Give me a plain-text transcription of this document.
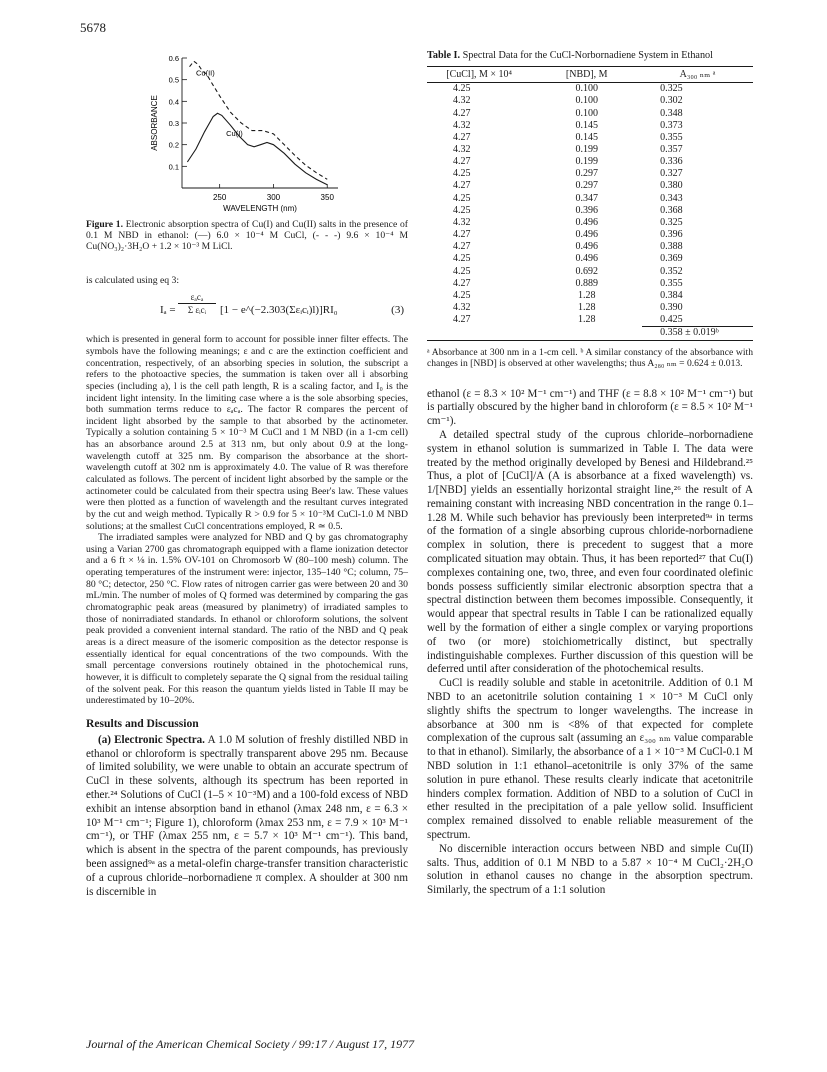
5678
ABSORBANCE
WAVELENGTH (nm)
0.1
0.2
0.3
0.4
0.5
0.6
250	300	350
Cu(II)
Cu(I)
Figure 1. Electronic absorption spectra of Cu(I) and Cu(II) salts in the presence of 0.1 M NBD in ethanol: (—) 6.0 × 10⁻⁴ M CuCl, (- - -) 9.6 × 10⁻⁴ M Cu(NO₃)₂·3H₂O + 1.2 × 10⁻³ M LiCl.
is calculated using eq 3:
Iₐ =
εₐcₐ
Σ εᵢcᵢ	[1 − e^(−2.303(Σεᵢcᵢ)l)]RI₀	(3)

which is presented in general form to account for possible inner filter effects. The symbols have the following meanings; ε and c are the extinction coefficient and concentration, respectively, of an absorbing species in solution, the subscript a refers to the photoactive species, the summation is taken over all i absorbing species (including a), l is the cell path length, R is a scaling factor, and I₀ is the incident light intensity. In the limiting case where a is the sole absorbing species, both summation terms reduce to εₐcₐ. The factor R compares the percent of incident light absorbed by the sample to that absorbed by the actinometer. Typically a solution containing 5 × 10⁻³ M CuCl and 1 M NBD (in a 1-cm cell) has an absorbance around 2.5 at 313 nm, but only about 0.9 at the long-wavelength cutoff at 325 nm. By comparison the absorbance at the short-wavelength cutoff at 302 nm is approximately 4.0. The value of R was therefore calculated as follows. The percent of incident light absorbed by the sample or the actinometer could be calculated from their spectra using Beer's law. These values were then plotted as a function of wavelength and the resultant curves integrated by the cut and weigh method. Typically R > 0.9 for 5 × 10⁻³M CuCl-1.0 M NBD solutions; at the smallest CuCl concentrations employed, R ≃ 0.5.

The irradiated samples were analyzed for NBD and Q by gas chromatography using a Varian 2700 gas chromatograph equipped with a flame ionization detector and a 6 ft × ⅛ in. 1.5% OV-101 on Chromosorb W (80–100 mesh) column. The operating temperatures of the instrument were: injector, 135–140 °C; column, 75–80 °C; detector, 250 °C. Flow rates of nitrogen carrier gas were between 20 and 30 mL/min. The number of moles of Q formed was determined by comparing the gas chromatographic peak areas (measured by planimetry) of irradiated samples to those of nonirradiated standards. In ethanol or chloroform solutions, the solvent peak provided a convenient internal standard. The ratio of the NBD and Q peak areas is a direct measure of the isomeric composition as the detector response is essentially identical for equal concentrations of the two compounds. With the small percentage conversions routinely obtained in the photochemical runs, however, it is difficult to completely separate the Q signal from the residual tailing of the solvent peak. For this reason the quantum yields listed in Table II may be underestimated by 10–20%.

Results and Discussion

(a) Electronic Spectra. A 1.0 M solution of freshly distilled NBD in ethanol or chloroform is spectrally transparent above 295 nm. Because of limited solubility, we were unable to obtain an accurate spectrum of CuCl in these solvents, although its spectrum has been reported in ether.²⁴ Solutions of CuCl (1–5 × 10⁻³M) and a 100-fold excess of NBD exhibit an intense absorption band in ethanol (λmax 248 nm, ε = 6.3 × 10³ M⁻¹ cm⁻¹; Figure 1), chloroform (λmax 253 nm, ε = 7.9 × 10³ M⁻¹ cm⁻¹), or THF (λmax 255 nm, ε = 5.7 × 10³ M⁻¹ cm⁻¹). This band, which is absent in the spectra of the parent compounds, has previously been assigned⁹ᵃ as a metal-olefin charge-transfer transition characteristic of a cuprous chloride–norbornadiene π complex. A shoulder at 300 nm is discernible in

Table I. Spectral Data for the CuCl-Norbornadiene System in Ethanol
[CuCl], M × 10⁴	[NBD], M	A₃₀₀ ₙₘ ᵃ
4.25	0.100	0.325
4.32	0.100	0.302
4.27	0.100	0.348
4.32	0.145	0.373
4.27	0.145	0.355
4.32	0.199	0.357
4.27	0.199	0.336
4.25	0.297	0.327
4.27	0.297	0.380
4.25	0.347	0.343
4.25	0.396	0.368
4.32	0.496	0.325
4.27	0.496	0.396
4.27	0.496	0.388
4.25	0.496	0.369
4.25	0.692	0.352
4.27	0.889	0.355
4.25	1.28	0.384
4.32	1.28	0.390
4.27	1.28	0.425
		0.358 ± 0.019ᵇ
ᵃ Absorbance at 300 nm in a 1-cm cell. ᵇ A similar constancy of the absorbance with changes in [NBD] is observed at other wavelengths; thus A₂₈₀ ₙₘ = 0.624 ± 0.013.

ethanol (ε = 8.3 × 10² M⁻¹ cm⁻¹) and THF (ε = 8.8 × 10² M⁻¹ cm⁻¹) but is partially obscured by the higher band in chloroform (ε = 8.5 × 10² M⁻¹ cm⁻¹).

A detailed spectral study of the cuprous chloride–norbornadiene system in ethanol solution is summarized in Table I. The data were treated by the method originally developed by Benesi and Hildebrand.²⁵ Thus, a plot of [CuCl]/A (A is absorbance at a fixed wavelength) vs. 1/[NBD] yields an essentially horizontal straight line,²⁶ the result of A remaining constant with increasing NBD concentration in the range 0.1–1.28 M. While such behavior has previously been interpreted⁹ᵃ in terms of the formation of a single absorbing cuprous chloride-norbornadiene complex in solution, there is precedent to suggest that a more complicated situation may obtain. Thus, it has been reported²⁷ that Cu(I) complexes containing one, two, three, and even four coordinated olefinic bonds possess sufficiently similar electronic absorption spectra that a spectral distinction between them becomes impossible. Consequently, it would appear that spectral results in Table I can be rationalized equally well by the formation of either a single complex or varying proportions of two (or more) stoichiometrically distinct, but spectrally indistinguishable complexes. Further discussion of this question will be deferred until after consideration of the photochemical results.

CuCl is readily soluble and stable in acetonitrile. Addition of 0.1 M NBD to an acetonitrile solution containing 1 × 10⁻³ M CuCl only slightly shifts the spectrum to longer wavelengths. The increase in absorbance at 300 nm is <8% of that expected for complete complexation of the cuprous salt (assuming an ε₃₀₀ ₙₘ value comparable to that in ethanol). Similarly, the absorbance of a 1 × 10⁻³ M CuCl-0.1 M NBD solution in 1:1 ethanol–acetonitrile is only 37% of the same solution in pure ethanol. These results clearly indicate that acetonitrile hinders complex formation. Addition of NBD to a solution of CuCl in ether resulted in the precipitation of a pale yellow solid. Insufficient complex remained dissolved to enable reliable measurement of the spectrum.

No discernible interaction occurs between NBD and simple Cu(II) salts. Thus, addition of 0.1 M NBD to a 5.87 × 10⁻⁴ M CuCl₂·2H₂O solution in ethanol causes no change in the absorption spectrum. Similarly, the spectrum of a 1:1 solution

Journal of the American Chemical Society / 99:17 / August 17, 1977
